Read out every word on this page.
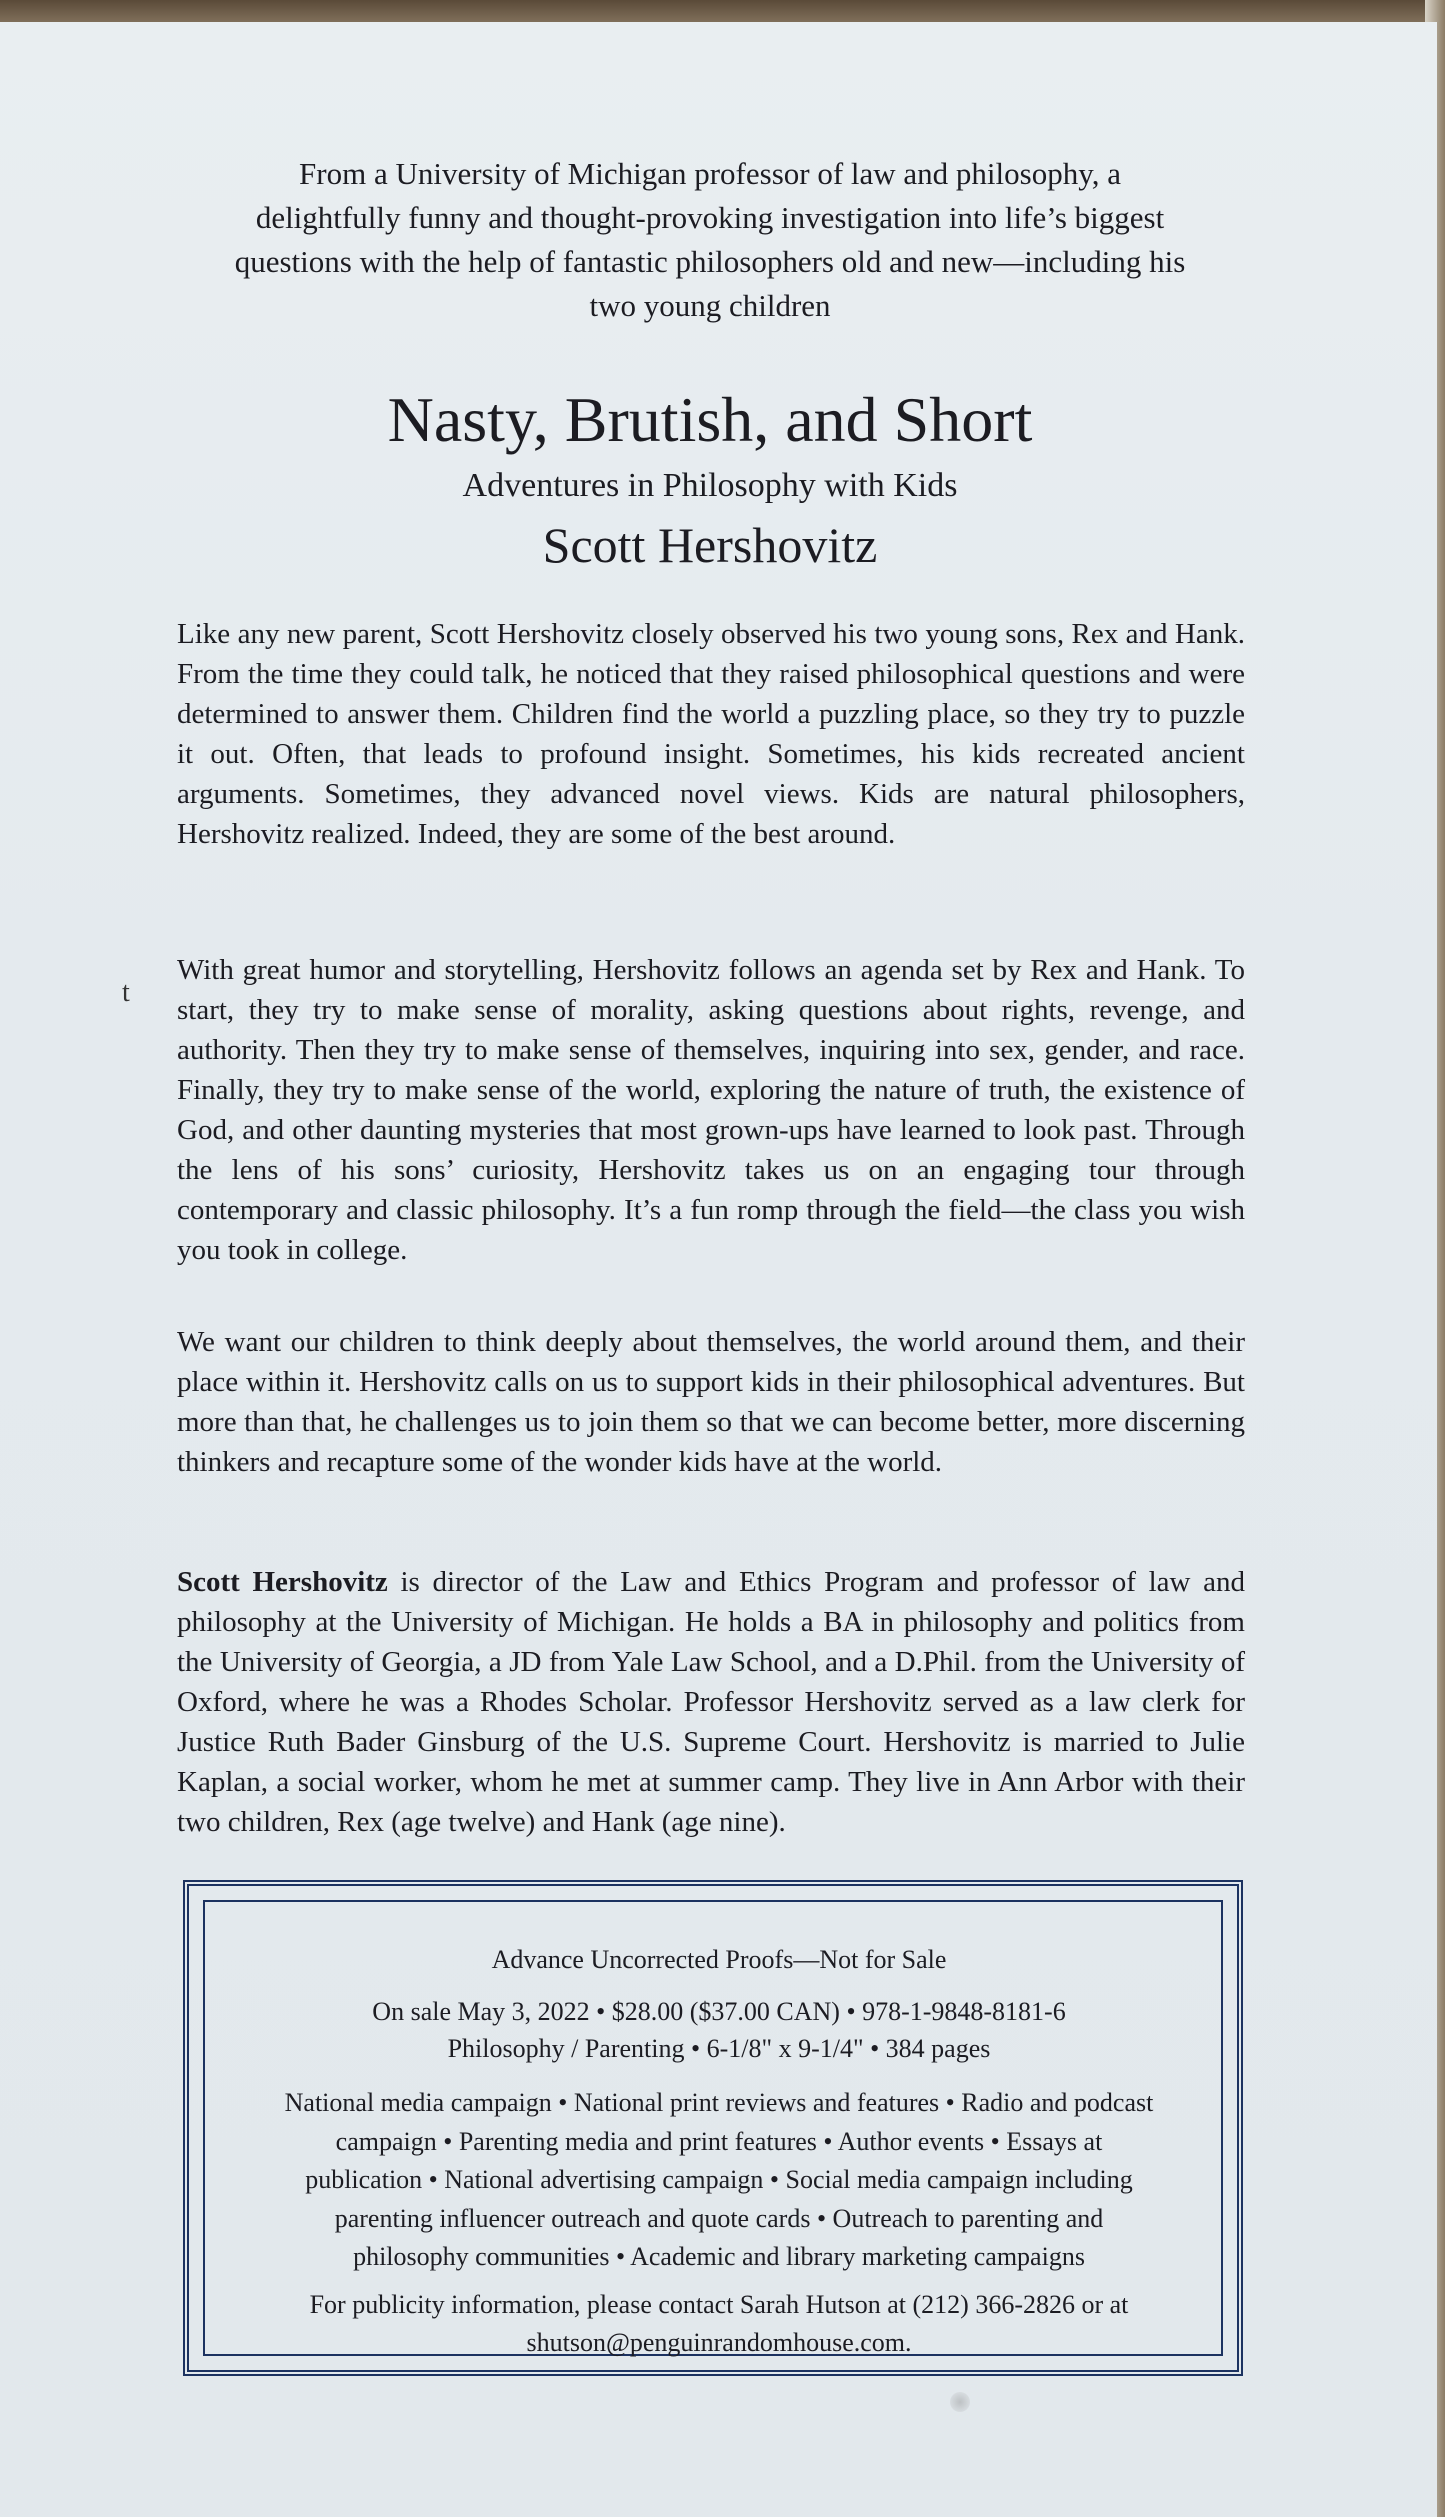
From a University of Michigan professor of law and philosophy, a
delightfully funny and thought-provoking investigation into life’s biggest
questions with the help of fantastic philosophers old and new—including his
two young children
Nasty, Brutish, and Short
Adventures in Philosophy with Kids
Scott Hershovitz

Like any new parent, Scott Hershovitz closely observed his two young sons, Rex and Hank. From the time they could talk, he noticed that they raised philosophical questions and were determined to answer them. Children find the world a puzzling place, so they try to puzzle it out. Often, that leads to profound insight. Sometimes, his kids recreated ancient arguments. Sometimes, they advanced novel views. Kids are natural philosophers, Hershovitz realized. Indeed, they are some of the best around.

t

With great humor and storytelling, Hershovitz follows an agenda set by Rex and Hank. To start, they try to make sense of morality, asking questions about rights, revenge, and authority. Then they try to make sense of themselves, inquiring into sex, gender, and race. Finally, they try to make sense of the world, exploring the nature of truth, the existence of God, and other daunting mysteries that most grown-ups have learned to look past. Through the lens of his sons’ curiosity, Hershovitz takes us on an engaging tour through contemporary and classic philosophy. It’s a fun romp through the field—the class you wish you took in college.

We want our children to think deeply about themselves, the world around them, and their place within it. Hershovitz calls on us to support kids in their philosophical adventures. But more than that, he challenges us to join them so that we can become better, more discerning thinkers and recapture some of the wonder kids have at the world.

Scott Hershovitz is director of the Law and Ethics Program and professor of law and philosophy at the University of Michigan. He holds a BA in philosophy and politics from the University of Georgia, a JD from Yale Law School, and a D.Phil. from the University of Oxford, where he was a Rhodes Scholar. Professor Hershovitz served as a law clerk for Justice Ruth Bader Ginsburg of the U.S. Supreme Court. Hershovitz is married to Julie Kaplan, a social worker, whom he met at summer camp. They live in Ann Arbor with their two children, Rex (age twelve) and Hank (age nine).

Advance Uncorrected Proofs—Not for Sale
On sale May 3, 2022 • $28.00 ($37.00 CAN) • 978-1-9848-8181-6
Philosophy / Parenting • 6-1/8" x 9-1/4" • 384 pages
National media campaign • National print reviews and features • Radio and podcast
campaign • Parenting media and print features • Author events • Essays at
publication • National advertising campaign • Social media campaign including
parenting influencer outreach and quote cards • Outreach to parenting and
philosophy communities • Academic and library marketing campaigns
For publicity information, please contact Sarah Hutson at (212) 366-2826 or at
shutson@penguinrandomhouse.com.
